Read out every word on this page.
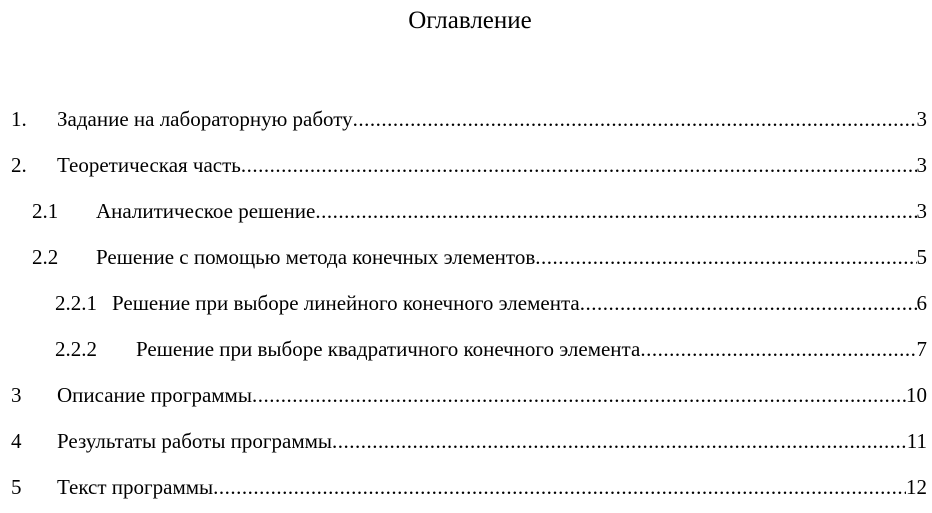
Оглавление
1. Задание на лабораторную работу .....	3
2. Теоретическая часть .....	3
2.1 Аналитическое решение .....	3
2.2 Решение с помощью метода конечных элементов .....	5
2.2.1 Решение при выборе линейного конечного элемента .....	6
2.2.2 Решение при выборе квадратичного конечного элемента .....	7
3 Описание программы .....	10
4 Результаты работы программы .....	11
5 Текст программы .....	12
